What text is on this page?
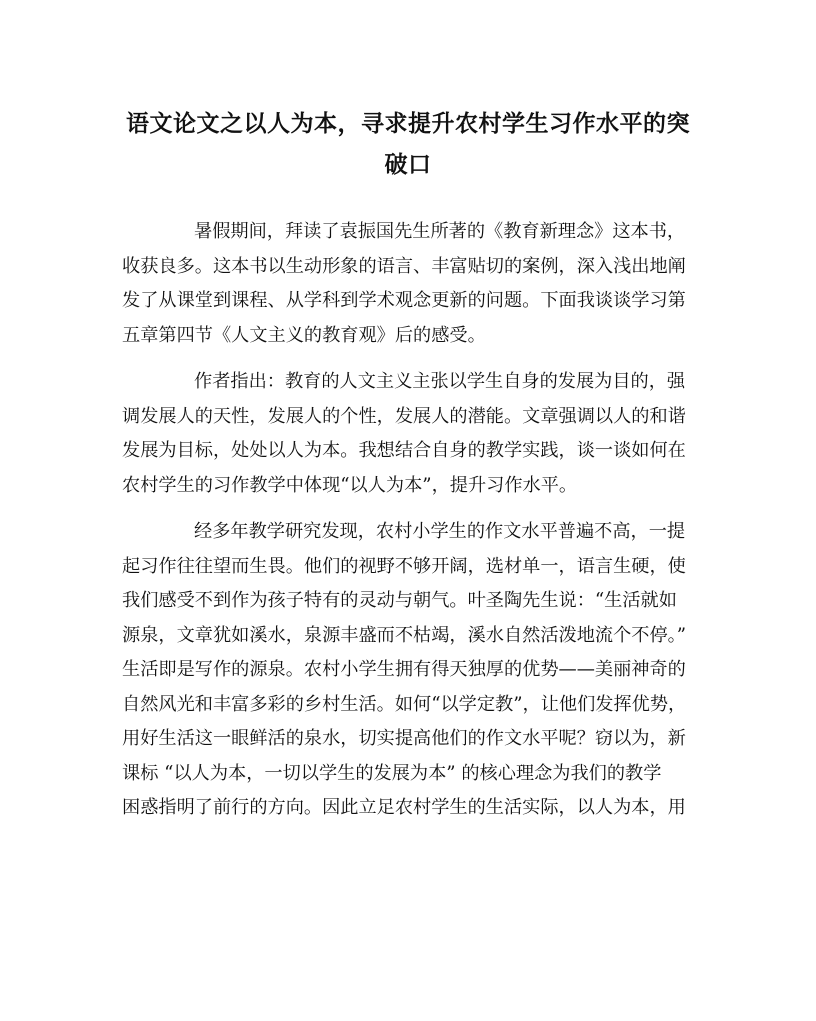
语文论文之以人为本，寻求提升农村学生习作水平的突
破口
暑假期间，拜读了袁振国先生所著的《教育新理念》这本书，
收获良多。这本书以生动形象的语言、丰富贴切的案例，深入浅出地阐
发了从课堂到课程、从学科到学术观念更新的问题。下面我谈谈学习第
五章第四节《人文主义的教育观》后的感受。
作者指出：教育的人文主义主张以学生自身的发展为目的，强
调发展人的天性，发展人的个性，发展人的潜能。文章强调以人的和谐
发展为目标，处处以人为本。我想结合自身的教学实践，谈一谈如何在
农村学生的习作教学中体现“以人为本”，提升习作水平。
经多年教学研究发现，农村小学生的作文水平普遍不高，一提
起习作往往望而生畏。他们的视野不够开阔，选材单一，语言生硬，使
我们感受不到作为孩子特有的灵动与朝气。叶圣陶先生说：“生活就如
源泉，文章犹如溪水，泉源丰盛而不枯竭，溪水自然活泼地流个不停。”
生活即是写作的源泉。农村小学生拥有得天独厚的优势——美丽神奇的
自然风光和丰富多彩的乡村生活。如何“以学定教”，让他们发挥优势，
用好生活这一眼鲜活的泉水，切实提高他们的作文水平呢？窃以为，新
课标 “以人为本，一切以学生的发展为本” 的核心理念为我们的教学
困惑指明了前行的方向。因此立足农村学生的生活实际，以人为本，用
